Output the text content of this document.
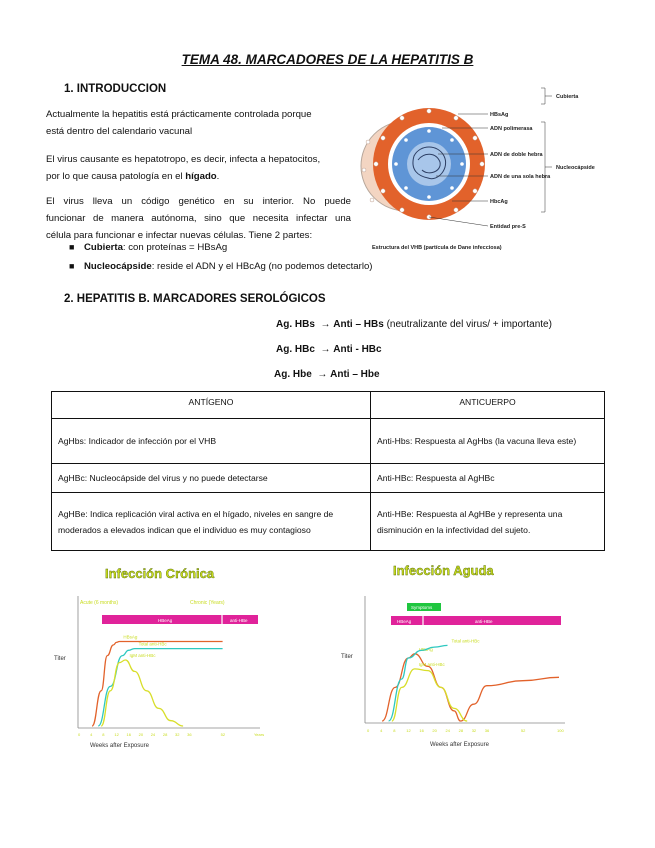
TEMA 48. MARCADORES DE LA HEPATITIS B
1. INTRODUCCION
Actualmente la hepatitis está prácticamente controlada porque
está dentro del calendario vacunal
El virus causante es hepatotropo, es decir, infecta a hepatocitos,
por lo que causa patología en el hígado.
El virus lleva un código genético en su interior. No puede
funcionar de manera autónoma, sino que necesita infectar una
célula para funcionar e infectar nuevas células. Tiene 2 partes:
■ Cubierta: con proteínas = HBsAg
■ Nucleocápside: reside el ADN y el HBcAg (no podemos detectarlo)
Cubierta
HBsAg
ADN polimerasa
ADN de doble hebra
Nucleocápside
ADN de una sola hebra
HbcAg
Entidad pre-S
Estructura del VHB (partícula de Dane infecciosa)
2. HEPATITIS B. MARCADORES SEROLÓGICOS
Ag. HBs → Anti – HBs (neutralizante del virus/ + importante)
Ag. HBc → Anti - HBc
Ag. Hbe → Anti – Hbe
ANTÍGENO	ANTICUERPO
AgHbs: Indicador de infección por el VHB	Anti-Hbs: Respuesta al AgHbs (la vacuna lleva este)
AgHBc: Nucleocápside del virus y no puede detectarse	Anti-HBc: Respuesta al AgHBc
AgHBe: Indica replicación viral activa en el hígado, niveles en sangre de moderados a elevados indican que el individuo es muy contagioso	Anti-HBe: Respuesta al AgHBe y representa una disminución en la infectividad del sujeto.
Infección Crónica
Acute (6 months)	Chronic (Years)
HBeAg	anti-HBe
Titer
HBsAg
Total anti-HBc
IgM anti-HBc
0 4 8 12 16 20 24 28 32 36	52	Years
Weeks after Exposure
Infección Aguda
Symptoms
HBeAg	anti-HBe
Titer
HBsAg
Total anti-HBc
IgM anti-HBc
0	4	8	12 16 20 24 28 32 36	52	100
Weeks after Exposure
